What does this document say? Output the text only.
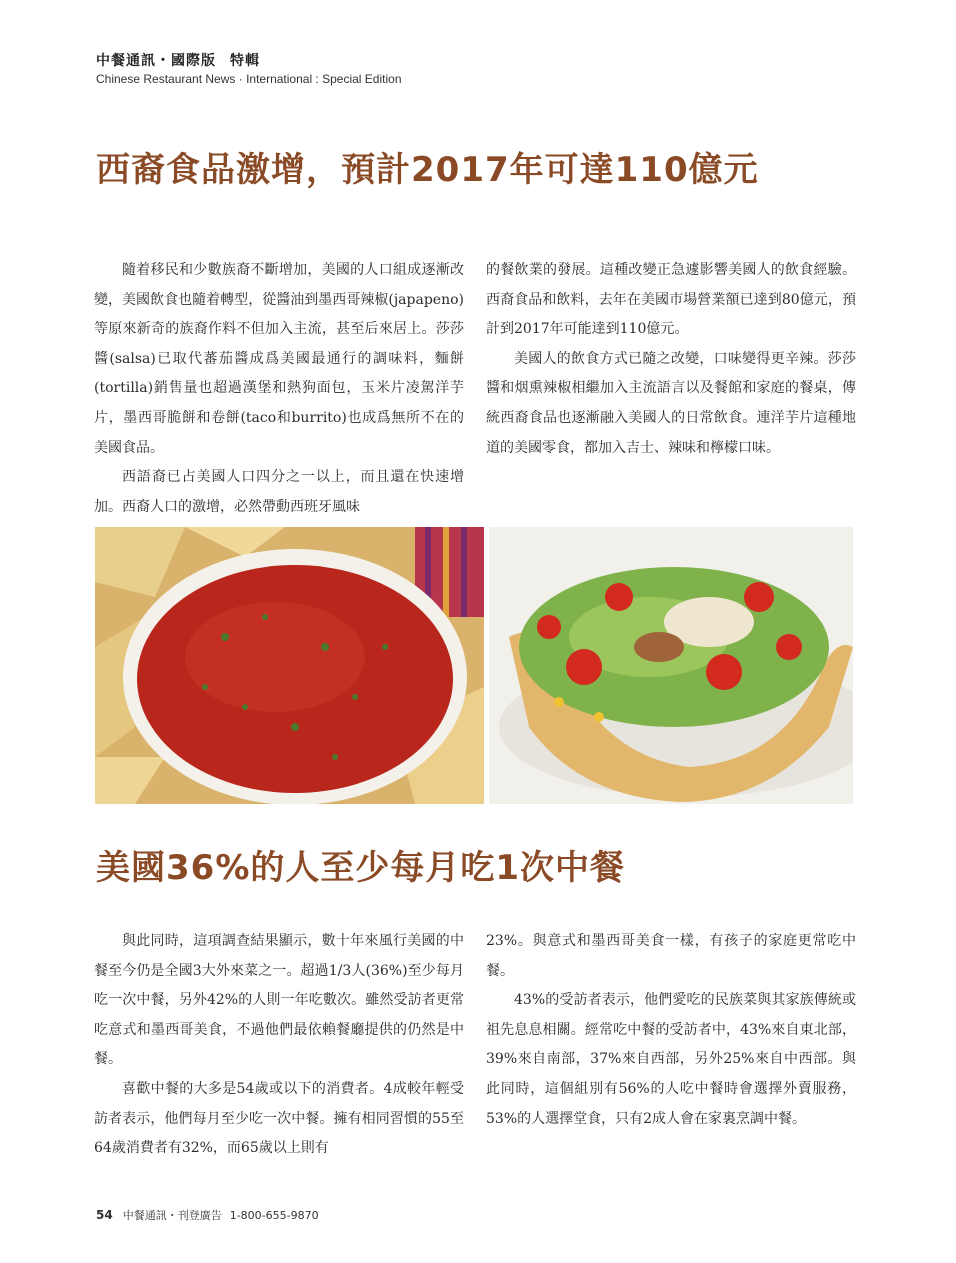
中餐通訊・國際版 特輯
Chinese Restaurant News · International : Special Edition
西裔食品激增，預計2017年可達110億元

隨着移民和少數族裔不斷增加，美國的人口組成逐漸改變，美國飲食也隨着轉型，從醬油到墨西哥辣椒(japapeno)等原來新奇的族裔作料不但加入主流，甚至后來居上。莎莎醬(salsa)已取代蕃茄醬成爲美國最通行的調味料，麵餅(tortilla)銷售量也超過漢堡和熱狗面包，玉米片凌駕洋芋片，墨西哥脆餅和卷餅(taco和burrito)也成爲無所不在的美國食品。

西語裔已占美國人口四分之一以上，而且還在快速增加。西裔人口的激增，必然帶動西班牙風味

的餐飲業的發展。這種改變正急遽影響美國人的飲食經驗。西裔食品和飲料，去年在美國市場營業額已達到80億元，預計到2017年可能達到110億元。

美國人的飲食方式已隨之改變，口味變得更辛辣。莎莎醬和烟熏辣椒相繼加入主流語言以及餐館和家庭的餐桌，傳統西裔食品也逐漸融入美國人的日常飲食。連洋芋片這種地道的美國零食，都加入吉士、辣味和檸檬口味。

美國36%的人至少每月吃1次中餐

與此同時，這項調查結果顯示，數十年來風行美國的中餐至今仍是全國3大外來菜之一。超過1/3人(36%)至少每月吃一次中餐，另外42%的人則一年吃數次。雖然受訪者更常吃意式和墨西哥美食，不過他們最依賴餐廳提供的仍然是中餐。

喜歡中餐的大多是54歲或以下的消費者。4成較年輕受訪者表示，他們每月至少吃一次中餐。擁有相同習慣的55至64歲消費者有32%，而65歲以上則有

23%。與意式和墨西哥美食一樣，有孩子的家庭更常吃中餐。

43%的受訪者表示，他們愛吃的民族菜與其家族傳統或祖先息息相關。經常吃中餐的受訪者中，43%來自東北部，39%來自南部，37%來自西部，另外25%來自中西部。與此同時，這個組別有56%的人吃中餐時會選擇外賣服務，53%的人選擇堂食，只有2成人會在家裏烹調中餐。

54 中餐通訊・刊登廣告 1-800-655-9870
